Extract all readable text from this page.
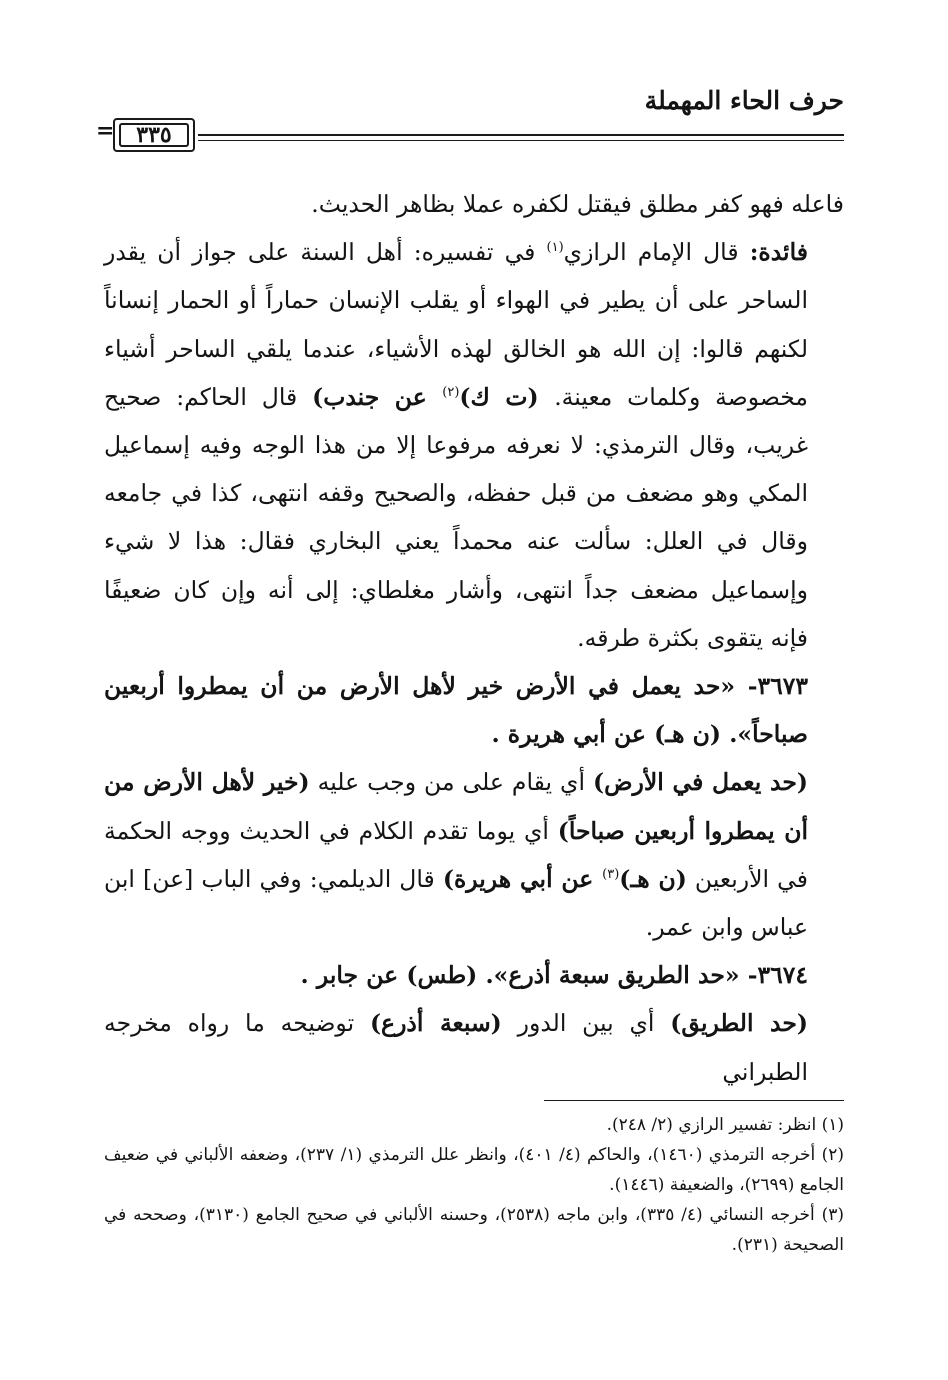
حرف الحاء المهملة
٣٣٥
=

فاعله فهو كفر مطلق فيقتل لكفره عملا بظاهر الحديث.

فائدة: قال الإمام الرازي$^{(١)}$ في تفسيره: أهل السنة على جواز أن يقدر الساحر على أن يطير في الهواء أو يقلب الإنسان حماراً أو الحمار إنساناً لكنهم قالوا: إن الله هو الخالق لهذه الأشياء، عندما يلقي الساحر أشياء مخصوصة وكلمات معينة. (ت ك)$^{(٢)}$ عن جندب) قال الحاكم: صحيح غريب، وقال الترمذي: لا نعرفه مرفوعا إلا من هذا الوجه وفيه إسماعيل المكي وهو مضعف من قبل حفظه، والصحيح وقفه انتهى، كذا في جامعه وقال في العلل: سألت عنه محمداً يعني البخاري فقال: هذا لا شيء وإسماعيل مضعف جداً انتهى، وأشار مغلطاي: إلى أنه وإن كان ضعيفًا فإنه يتقوى بكثرة طرقه.

٣٦٧٣- «حد يعمل في الأرض خير لأهل الأرض من أن يمطروا أربعين صباحاً». (ن هـ) عن أبي هريرة .

(حد يعمل في الأرض) أي يقام على من وجب عليه (خير لأهل الأرض من أن يمطروا أربعين صباحاً) أي يوما تقدم الكلام في الحديث ووجه الحكمة في الأربعين (ن هـ)$^{(٣)}$ عن أبي هريرة) قال الديلمي: وفي الباب [عن] ابن عباس وابن عمر.

٣٦٧٤- «حد الطريق سبعة أذرع». (طس) عن جابر .

(حد الطريق) أي بين الدور (سبعة أذرع) توضيحه ما رواه مخرجه الطبراني

(١) انظر: تفسير الرازي (٢/ ٢٤٨).

(٢) أخرجه الترمذي (١٤٦٠)، والحاكم (٤/ ٤٠١)، وانظر علل الترمذي (١/ ٢٣٧)، وضعفه الألباني في ضعيف الجامع (٢٦٩٩)، والضعيفة (١٤٤٦).

(٣) أخرجه النسائي (٤/ ٣٣٥)، وابن ماجه (٢٥٣٨)، وحسنه الألباني في صحيح الجامع (٣١٣٠)، وصححه في الصحيحة (٢٣١).
